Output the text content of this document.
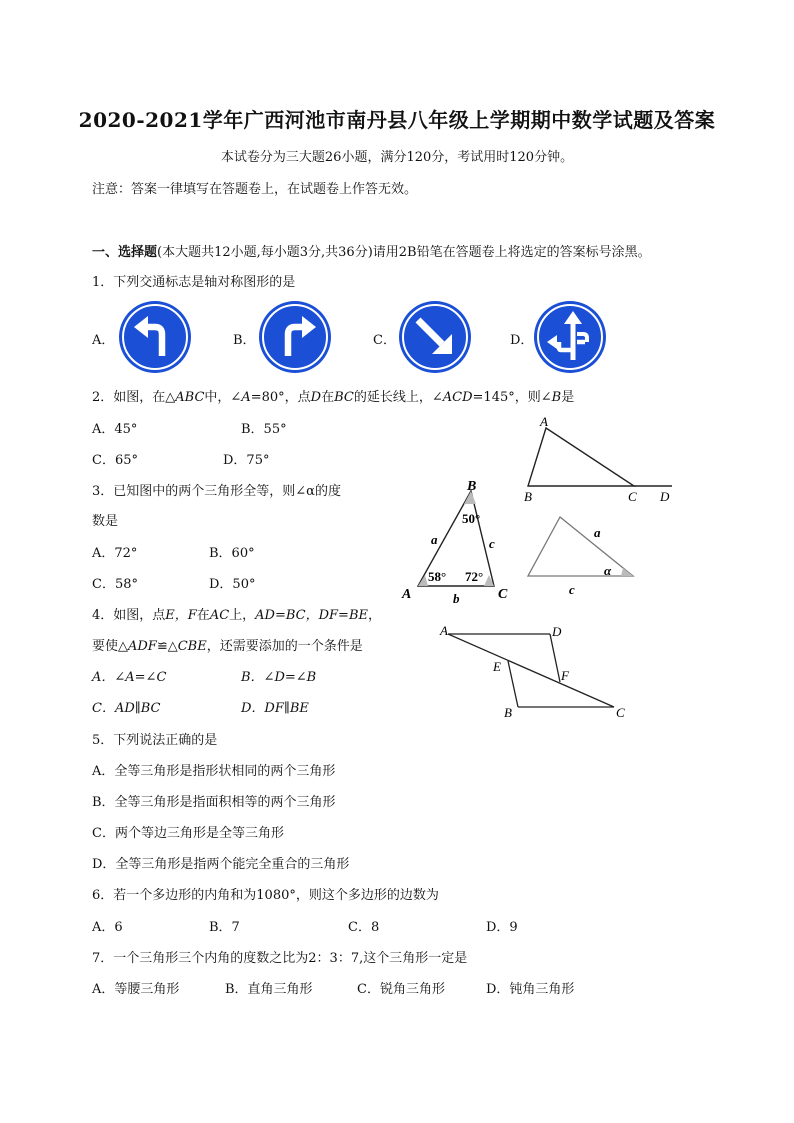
2020-2021学年广西河池市南丹县八年级上学期期中数学试题及答案
本试卷分为三大题26小题，满分120分，考试用时120分钟。
注意：答案一律填写在答题卷上，在试题卷上作答无效。
一、选择题(本大题共12小题,每小题3分,共36分)请用2B铅笔在答题卷上将选定的答案标号涂黑。
1．下列交通标志是轴对称图形的是
A．	B．	C．	D．
2．如图，在△ABC中，∠A=80°，点D在BC的延长线上，∠ACD=145°，则∠B是
A．45°	B．55°
C．65°	D．75°
A
B	C D
3．已知图中的两个三角形全等，则∠α的度
数是
A．72°	B．60°
C．58°	D．50°
B
50°
a	c
58° 72°
A	b	C
a
α
c
4．如图，点E，F在AC上，AD=BC，DF=BE，
要使△ADF≌△CBE，还需要添加的一个条件是
A．∠A=∠C	B．∠D=∠B
C．AD∥BC	D．DF∥BE
A	D
E
F
B	C
5．下列说法正确的是
A．全等三角形是指形状相同的两个三角形
B．全等三角形是指面积相等的两个三角形
C．两个等边三角形是全等三角形
D．全等三角形是指两个能完全重合的三角形
6．若一个多边形的内角和为1080°，则这个多边形的边数为
A．6	B．7	C．8	D．9
7．一个三角形三个内角的度数之比为2：3：7,这个三角形一定是
A．等腰三角形	B．直角三角形	C．锐角三角形	D．钝角三角形
